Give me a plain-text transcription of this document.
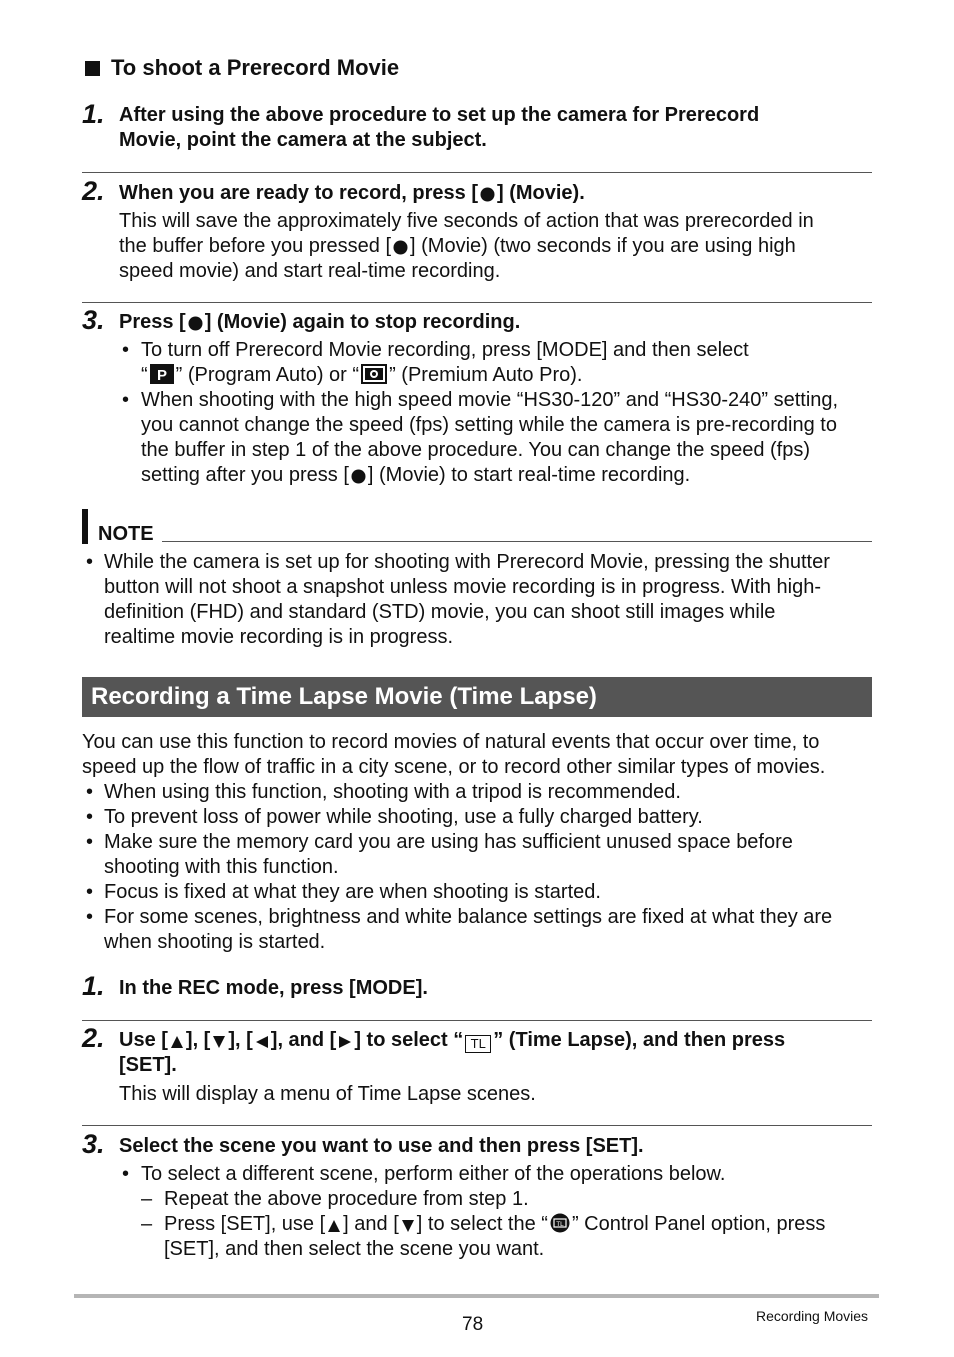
To shoot a Prerecord Movie
1. After using the above procedure to set up the camera for Prerecord
Movie, point the camera at the subject.
2. When you are ready to record, press [ ] (Movie).
This will save the approximately five seconds of action that was prerecorded in
the buffer before you pressed [ ] (Movie) (two seconds if you are using high
speed movie) and start real-time recording.
3. Press [ ] (Movie) again to stop recording.
• To turn off Prerecord Movie recording, press [MODE] and then select
“ P ” (Program Auto) or “ ” (Premium Auto Pro).
• When shooting with the high speed movie “HS30-120” and “HS30-240” setting,
you cannot change the speed (fps) setting while the camera is pre-recording to
the buffer in step 1 of the above procedure. You can change the speed (fps)
setting after you press [ ] (Movie) to start real-time recording.
NOTE
• While the camera is set up for shooting with Prerecord Movie, pressing the shutter
button will not shoot a snapshot unless movie recording is in progress. With high-
definition (FHD) and standard (STD) movie, you can shoot still images while
realtime movie recording is in progress.
Recording a Time Lapse Movie (Time Lapse)
You can use this function to record movies of natural events that occur over time, to
speed up the flow of traffic in a city scene, or to record other similar types of movies.
• When using this function, shooting with a tripod is recommended.
• To prevent loss of power while shooting, use a fully charged battery.
• Make sure the memory card you are using has sufficient unused space before
shooting with this function.
• Focus is fixed at what they are when shooting is started.
• For some scenes, brightness and white balance settings are fixed at what they are
when shooting is started.
1. In the REC mode, press [MODE].
2. Use [ ], [ ], [ ], and [ ] to select “ TL ” (Time Lapse), and then press
[SET].
This will display a menu of Time Lapse scenes.
3. Select the scene you want to use and then press [SET].
• To select a different scene, perform either of the operations below.
– Repeat the above procedure from step 1.
– Press [SET], use [ ] and [ ] to select the “ TL ” Control Panel option, press
[SET], and then select the scene you want.
78	Recording Movies
